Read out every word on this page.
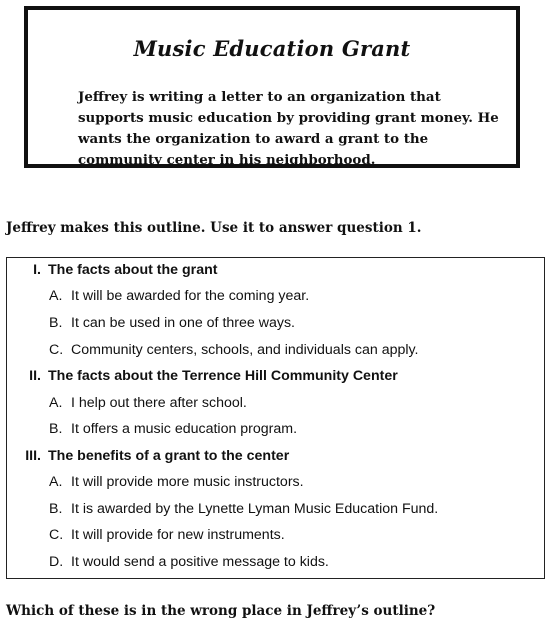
Music Education Grant

Jeffrey is writing a letter to an organization that supports music education by providing grant money. He wants the organization to award a grant to the community center in his neighborhood.

Jeffrey makes this outline. Use it to answer question 1.

I. The facts about the grant
A. It will be awarded for the coming year.
B. It can be used in one of three ways.
C. Community centers, schools, and individuals can apply.
II. The facts about the Terrence Hill Community Center
A. I help out there after school.
B. It offers a music education program.
III. The benefits of a grant to the center
A. It will provide more music instructors.
B. It is awarded by the Lynette Lyman Music Education Fund.
C. It will provide for new instruments.
D. It would send a positive message to kids.

Which of these is in the wrong place in Jeffrey’s outline?
